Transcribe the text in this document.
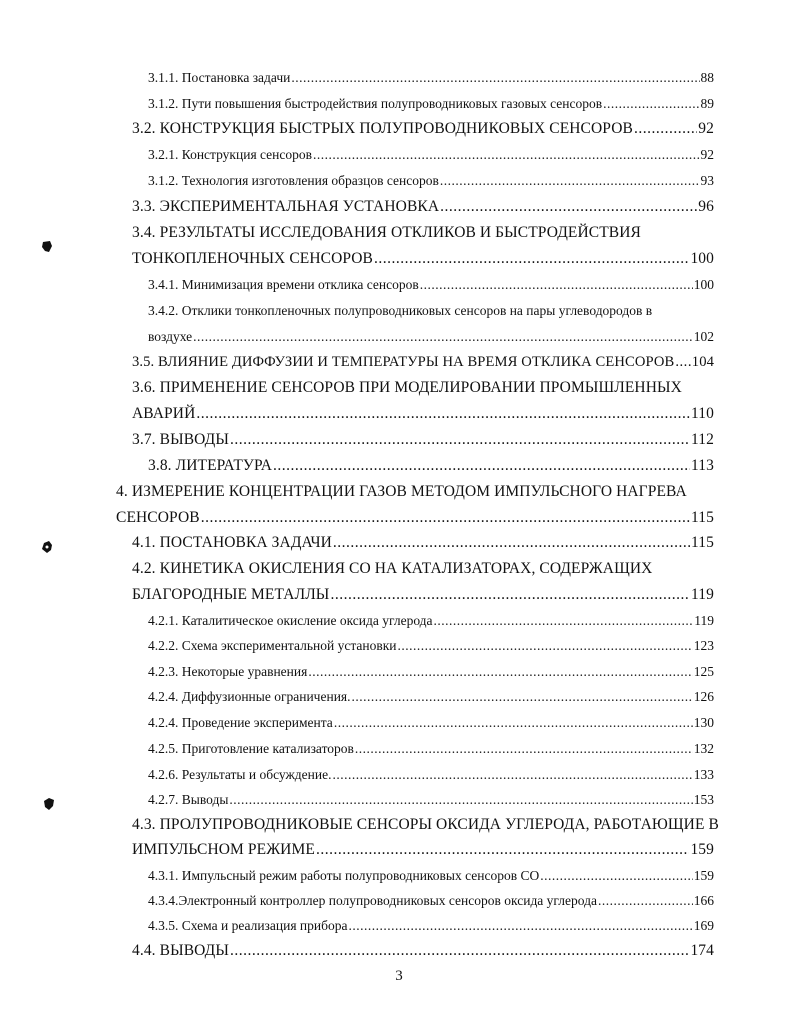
3.1.1. Постановка задачи .....	88
3.1.2. Пути повышения быстродействия полупроводниковых газовых сенсоров .....	89
3.2. КОНСТРУКЦИЯ БЫСТРЫХ ПОЛУПРОВОДНИКОВЫХ СЕНСОРОВ .....	92
3.2.1. Конструкция сенсоров .....	92
3.1.2. Технология изготовления образцов сенсоров .....	93
3.3. ЭКСПЕРИМЕНТАЛЬНАЯ УСТАНОВКА .....	96
3.4. РЕЗУЛЬТАТЫ ИССЛЕДОВАНИЯ ОТКЛИКОВ И БЫСТРОДЕЙСТВИЯ
ТОНКОПЛЕНОЧНЫХ СЕНСОРОВ .....	100
3.4.1. Минимизация времени отклика сенсоров .....	100
3.4.2. Отклики тонкопленочных полупроводниковых сенсоров на пары углеводородов в
воздухе .....	102
3.5. ВЛИЯНИЕ ДИФФУЗИИ И ТЕМПЕРАТУРЫ НА ВРЕМЯ ОТКЛИКА СЕНСОРОВ ..... 104
3.6. ПРИМЕНЕНИЕ СЕНСОРОВ ПРИ МОДЕЛИРОВАНИИ ПРОМЫШЛЕННЫХ
АВАРИЙ .....	110
3.7. ВЫВОДЫ .....	112
3.8. ЛИТЕРАТУРА .....	113
4. ИЗМЕРЕНИЕ КОНЦЕНТРАЦИИ ГАЗОВ МЕТОДОМ ИМПУЛЬСНОГО НАГРЕВА
СЕНСОРОВ .....	115
4.1. ПОСТАНОВКА ЗАДАЧИ .....	115
4.2. КИНЕТИКА ОКИСЛЕНИЯ СО НА КАТАЛИЗАТОРАХ, СОДЕРЖАЩИХ
БЛАГОРОДНЫЕ МЕТАЛЛЫ .....	119
4.2.1. Каталитическое окисление оксида углерода .....	119
4.2.2. Схема экспериментальной установки .....	123
4.2.3. Некоторые уравнения .....	125
4.2.4. Диффузионные ограничения. .....	126
4.2.4. Проведение эксперимента .....	130
4.2.5. Приготовление катализаторов .....	132
4.2.6. Результаты и обсуждение. .....	133
4.2.7. Выводы .....	153
4.3. ПРОЛУПРОВОДНИКОВЫЕ СЕНСОРЫ ОКСИДА УГЛЕРОДА, РАБОТАЮЩИЕ В
ИМПУЛЬСНОМ РЕЖИМЕ .....	159
4.3.1. Импульсный режим работы полупроводниковых сенсоров СО .....	159
4.3.4.Электронный контроллер полупроводниковых сенсоров оксида углерода .....	166
4.3.5. Схема и реализация прибора .....	169
4.4. ВЫВОДЫ .....	174
3
